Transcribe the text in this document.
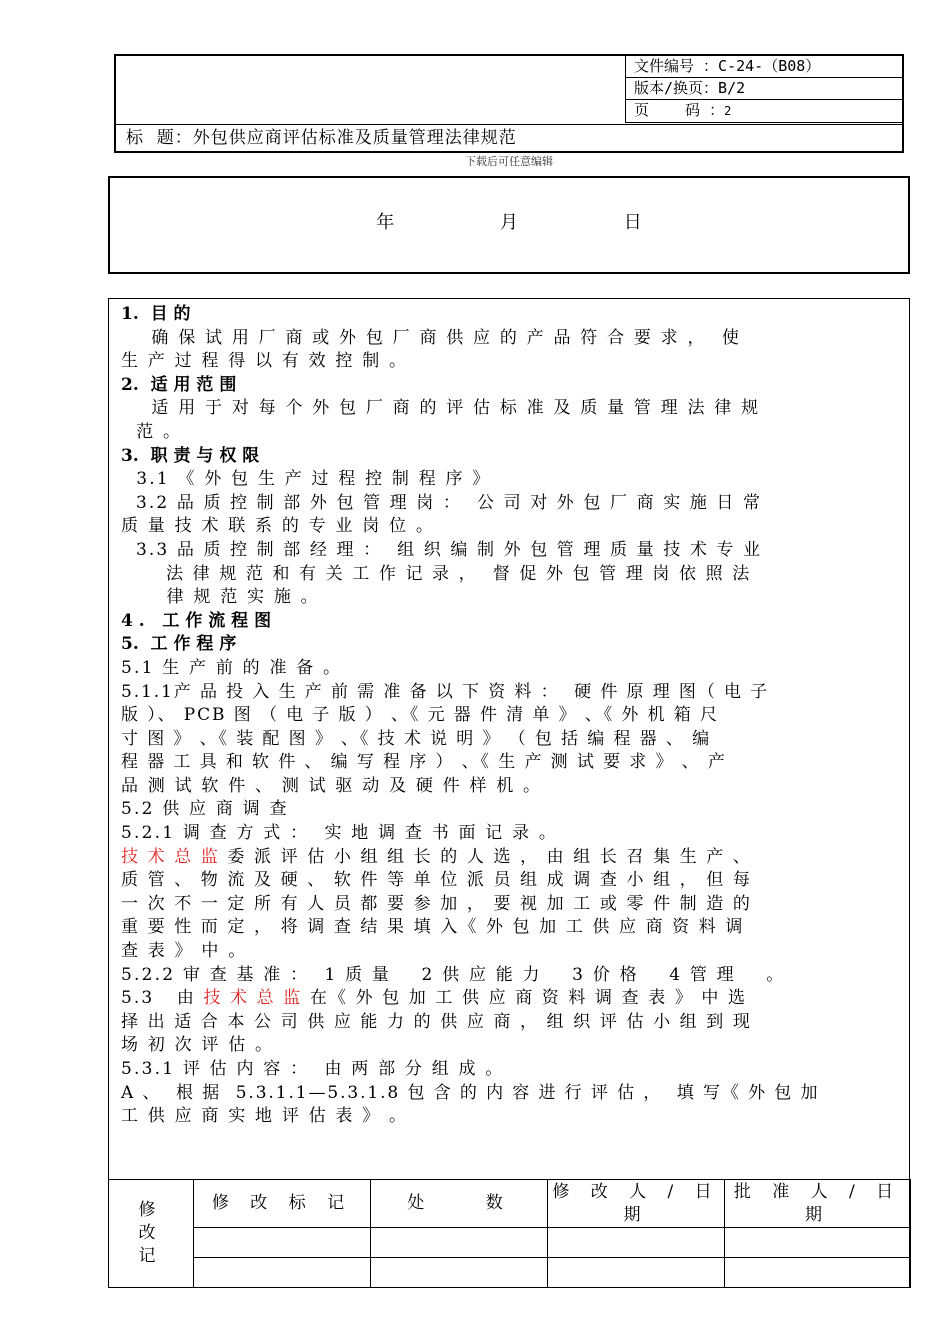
文件编号 ：C-24-（B08）
版本/换页：B/2
页    码 ：2
标  题：外包供应商评估标准及质量管理法律规范
下载后可任意编辑
年	月	日

1.  目 的

确 保 试 用 厂 商 或 外 包 厂 商 供 应 的 产 品 符 合 要 求 ，  使

生 产 过 程 得 以 有 效 控 制 。

2.  适 用 范 围

适 用 于 对 每 个 外 包 厂 商 的 评 估 标 准 及 质 量 管 理 法 律 规

范 。

3.  职 责 与 权 限

3.1 《 外 包 生 产 过 程 控 制 程 序 》

3.2 品 质 控 制 部 外 包 管 理 岗 ：  公 司 对 外 包 厂 商 实 施 日 常

质 量 技 术 联 系 的 专 业 岗 位 。

3.3 品 质 控 制 部 经 理 ：  组 织 编 制 外 包 管 理 质 量 技 术 专 业

法 律 规 范 和 有 关 工 作 记 录 ，  督 促 外 包 管 理 岗 依 照 法

律 规 范 实 施 。

4 .   工 作 流 程 图

5.  工 作 程 序

5.1 生 产 前 的 准 备 。

5.1.1产 品 投 入 生 产 前 需 准 备 以 下 资 料 ：  硬 件 原 理 图（ 电 子

版 ）、 PCB 图 （ 电 子 版 ） 、《 元 器 件 清 单 》 、《 外 机 箱 尺

寸 图 》 、《 装 配 图 》 、《 技 术 说 明 》 （ 包 括 编 程 器 、 编

程 器 工 具 和 软 件 、 编 写 程 序 ） 、《 生 产 测 试 要 求 》 、 产

品 测 试 软 件 、 测 试 驱 动 及 硬 件 样 机 。

5.2 供 应 商 调 查

5.2.1 调 查 方 式 ：  实 地 调 查 书 面 记 录 。

技 术 总 监 委 派 评 估 小 组 组 长 的 人 选 ， 由 组 长 召 集 生 产 、

质 管 、 物 流 及 硬 、 软 件 等 单 位 派 员 组 成 调 查 小 组 ， 但 每

一 次 不 一 定 所 有 人 员 都 要 参 加 ， 要 视 加 工 或 零 件 制 造 的

重 要 性 而 定 ， 将 调 查 结 果 填 入《 外 包 加 工 供 应 商 资 料 调

查 表 》 中 。

5.2.2 审 查 基 准 ：  1 质 量    2 供 应 能 力    3 价 格    4 管 理    。

5.3   由 技 术 总 监 在《 外 包 加 工 供 应 商 资 料 调 查 表 》 中 选

择 出 适 合 本 公 司 供 应 能 力 的 供 应 商 ， 组 织 评 估 小 组 到 现

场 初 次 评 估 。

5.3.1 评 估 内 容 ：  由 两 部 分 组 成 。

A 、  根 据  5.3.1.1—5.3.1.8 包 含 的 内 容 进 行 评 估 ，  填 写《 外 包 加

工 供 应 商 实 地 评 估 表 》 。

修
改
记	修 改 标 记	处    数	修 改 人 / 日 期	批 准 人 / 日 期
